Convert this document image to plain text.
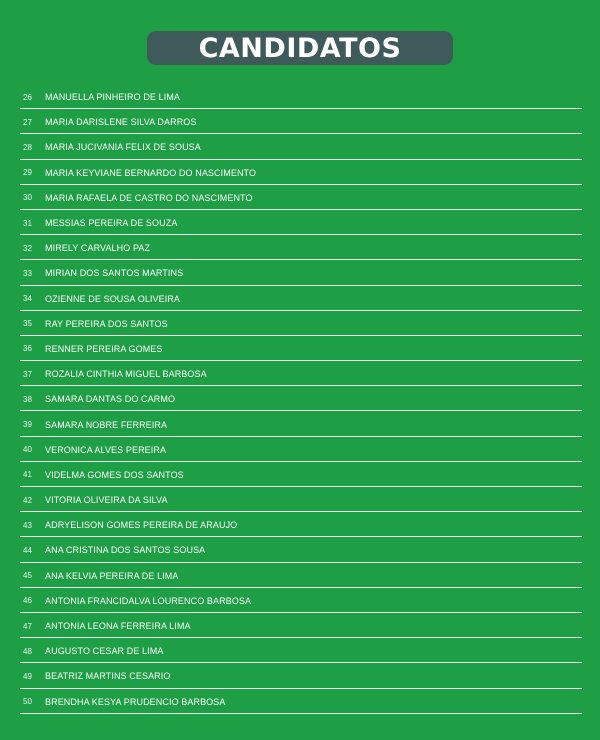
CANDIDATOS
26	MANUELLA PINHEIRO DE LIMA
27	MARIA DARISLENE SILVA DARROS
28	MARIA JUCIVANIA FELIX DE SOUSA
29	MARIA KEYVIANE BERNARDO DO NASCIMENTO
30	MARIA RAFAELA DE CASTRO DO NASCIMENTO
31	MESSIAS PEREIRA DE SOUZA
32	MIRELY CARVALHO PAZ
33	MIRIAN DOS SANTOS MARTINS
34	OZIENNE DE SOUSA OLIVEIRA
35	RAY PEREIRA DOS SANTOS
36	RENNER PEREIRA GOMES
37	ROZALIA CINTHIA MIGUEL BARBOSA
38	SAMARA DANTAS DO CARMO
39	SAMARA NOBRE FERREIRA
40	VERONICA ALVES PEREIRA
41	VIDELMA GOMES DOS SANTOS
42	VITORIA OLIVEIRA DA SILVA
43	ADRYELISON GOMES PEREIRA DE ARAUJO
44	ANA CRISTINA DOS SANTOS SOUSA
45	ANA KELVIA PEREIRA DE LIMA
46	ANTONIA FRANCIDALVA LOURENCO BARBOSA
47	ANTONIA LEONA FERREIRA LIMA
48	AUGUSTO CESAR DE LIMA
49	BEATRIZ MARTINS CESARIO
50	BRENDHA KESYA PRUDENCIO BARBOSA
